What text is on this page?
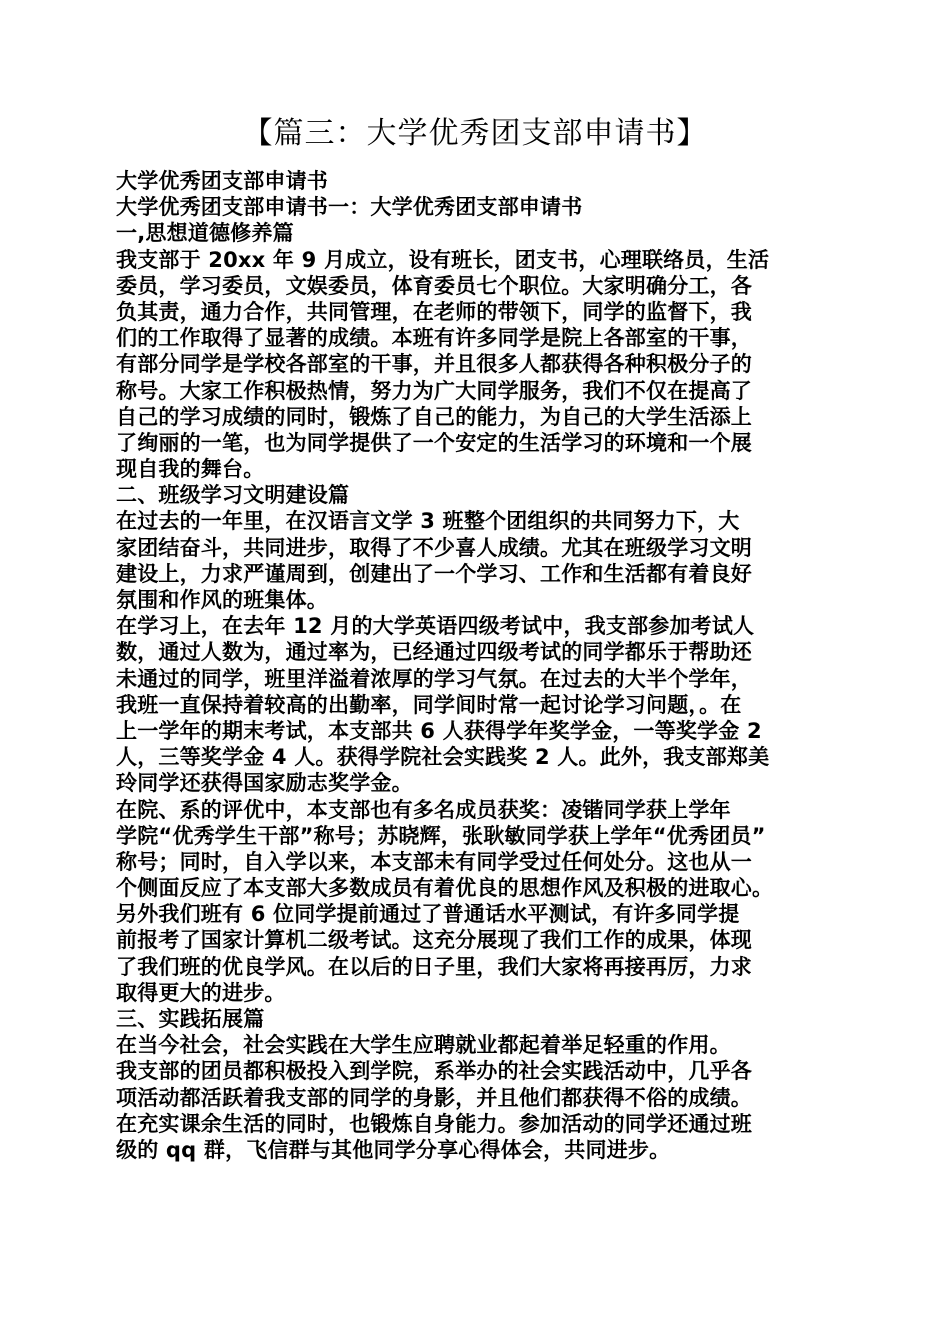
【篇三：大学优秀团支部申请书】
大学优秀团支部申请书
大学优秀团支部申请书一：大学优秀团支部申请书
一,思想道德修养篇
我支部于 20xx 年 9 月成立，设有班长，团支书，心理联络员，生活
委员，学习委员，文娱委员，体育委员七个职位。大家明确分工，各
负其责，通力合作，共同管理，在老师的带领下，同学的监督下，我
们的工作取得了显著的成绩。本班有许多同学是院上各部室的干事，
有部分同学是学校各部室的干事，并且很多人都获得各种积极分子的
称号。大家工作积极热情，努力为广大同学服务，我们不仅在提高了
自己的学习成绩的同时，锻炼了自己的能力，为自己的大学生活添上
了绚丽的一笔，也为同学提供了一个安定的生活学习的环境和一个展
现自我的舞台。
二、班级学习文明建设篇
在过去的一年里，在汉语言文学 3 班整个团组织的共同努力下，大
家团结奋斗，共同进步，取得了不少喜人成绩。尤其在班级学习文明
建设上，力求严谨周到，创建出了一个学习、工作和生活都有着良好
氛围和作风的班集体。
在学习上，在去年 12 月的大学英语四级考试中，我支部参加考试人
数，通过人数为，通过率为，已经通过四级考试的同学都乐于帮助还
未通过的同学，班里洋溢着浓厚的学习气氛。在过去的大半个学年，
我班一直保持着较高的出勤率，同学间时常一起讨论学习问题，。在
上一学年的期末考试，本支部共 6 人获得学年奖学金，一等奖学金 2
人，三等奖学金 4 人。获得学院社会实践奖 2 人。此外，我支部郑美
玲同学还获得国家励志奖学金。
在院、系的评优中，本支部也有多名成员获奖：凌锴同学获上学年
学院“优秀学生干部”称号；苏晓辉，张耿敏同学获上学年“优秀团员”
称号；同时，自入学以来，本支部未有同学受过任何处分。这也从一
个侧面反应了本支部大多数成员有着优良的思想作风及积极的进取心。
另外我们班有 6 位同学提前通过了普通话水平测试，有许多同学提
前报考了国家计算机二级考试。这充分展现了我们工作的成果，体现
了我们班的优良学风。在以后的日子里，我们大家将再接再厉，力求
取得更大的进步。
三、实践拓展篇
在当今社会，社会实践在大学生应聘就业都起着举足轻重的作用。
我支部的团员都积极投入到学院，系举办的社会实践活动中，几乎各
项活动都活跃着我支部的同学的身影，并且他们都获得不俗的成绩。
在充实课余生活的同时，也锻炼自身能力。参加活动的同学还通过班
级的 qq 群，飞信群与其他同学分享心得体会，共同进步。
